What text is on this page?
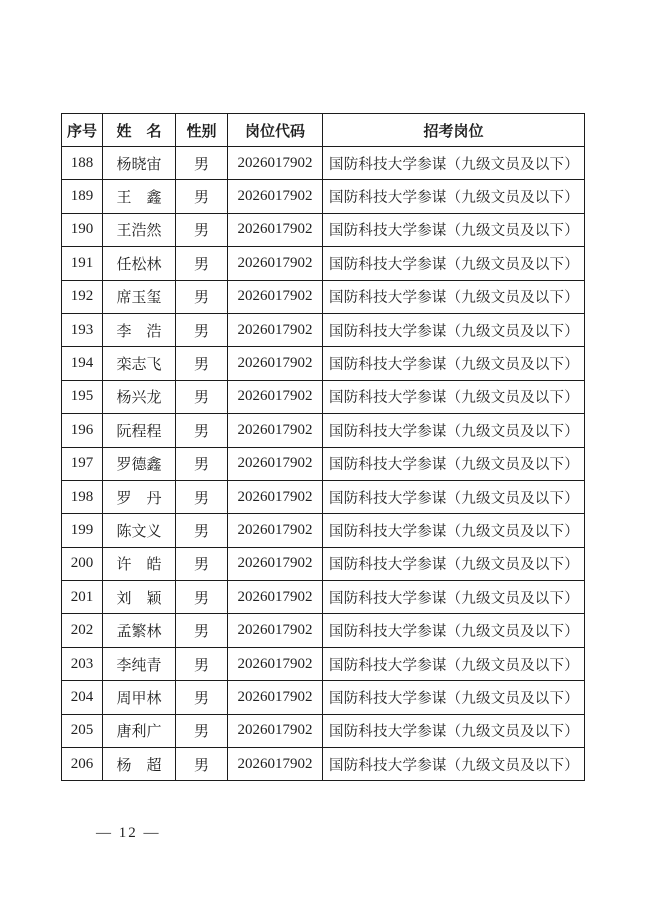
序号	姓　名	性别	岗位代码	招考岗位
188	杨晓宙	男	2026017902	国防科技大学参谋（九级文员及以下）
189	王　鑫	男	2026017902	国防科技大学参谋（九级文员及以下）
190	王浩然	男	2026017902	国防科技大学参谋（九级文员及以下）
191	任松林	男	2026017902	国防科技大学参谋（九级文员及以下）
192	席玉玺	男	2026017902	国防科技大学参谋（九级文员及以下）
193	李　浩	男	2026017902	国防科技大学参谋（九级文员及以下）
194	栾志飞	男	2026017902	国防科技大学参谋（九级文员及以下）
195	杨兴龙	男	2026017902	国防科技大学参谋（九级文员及以下）
196	阮程程	男	2026017902	国防科技大学参谋（九级文员及以下）
197	罗德鑫	男	2026017902	国防科技大学参谋（九级文员及以下）
198	罗　丹	男	2026017902	国防科技大学参谋（九级文员及以下）
199	陈文义	男	2026017902	国防科技大学参谋（九级文员及以下）
200	许　皓	男	2026017902	国防科技大学参谋（九级文员及以下）
201	刘　颖	男	2026017902	国防科技大学参谋（九级文员及以下）
202	孟繁林	男	2026017902	国防科技大学参谋（九级文员及以下）
203	李纯青	男	2026017902	国防科技大学参谋（九级文员及以下）
204	周甲林	男	2026017902	国防科技大学参谋（九级文员及以下）
205	唐利广	男	2026017902	国防科技大学参谋（九级文员及以下）
206	杨　超	男	2026017902	国防科技大学参谋（九级文员及以下）
— 12 —
